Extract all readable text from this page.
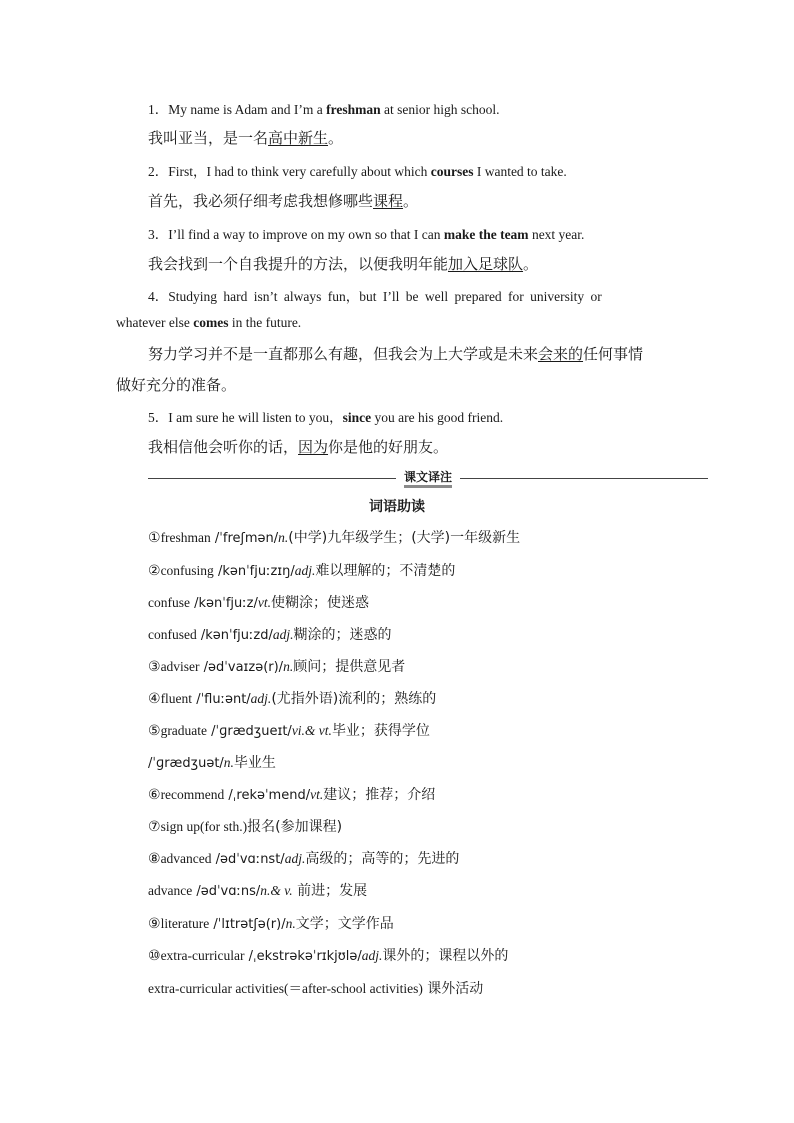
1．My name is Adam and I’m a freshman at senior high school.
我叫亚当，是一名高中新生。
2．First，I had to think very carefully about which courses I wanted to take.
首先，我必须仔细考虑我想修哪些课程。
3．I’ll find a way to improve on my own so that I can make the team next year.
我会找到一个自我提升的方法，以便我明年能加入足球队。
4．Studying hard isn’t always fun，but I’ll be well prepared for university or
whatever else comes in the future.
努力学习并不是一直都那么有趣，但我会为上大学或是未来会来的任何事情
做好充分的准备。
5．I am sure he will listen to you，since you are his good friend.
我相信他会听你的话，因为你是他的好朋友。
课文译注
词语助读
①freshman /ˈfreʃmən/n.(中学)九年级学生；(大学)一年级新生
②confusing /kənˈfjuːzɪŋ/adj.难以理解的；不清楚的
confuse /kənˈfjuːz/vt.使糊涂；使迷惑
confused /kənˈfjuːzd/adj.糊涂的；迷惑的
③adviser /ədˈvaɪzə(r)/n.顾问；提供意见者
④fluent /ˈfluːənt/adj.(尤指外语)流利的；熟练的
⑤graduate /ˈɡrædʒueɪt/vi.& vt.毕业；获得学位
/ˈɡrædʒuət/n.毕业生
⑥recommend /ˌrekəˈmend/vt.建议；推荐；介绍
⑦sign up(for sth.)报名(参加课程)
⑧advanced /ədˈvɑːnst/adj.高级的；高等的；先进的
advance /ədˈvɑːns/n.& v. 前进；发展
⑨literature /ˈlɪtrətʃə(r)/n.文学；文学作品
⑩extra-curricular /ˌekstrəkəˈrɪkjʊlə/adj.课外的；课程以外的
extra-curricular activities(＝after-school activities) 课外活动
